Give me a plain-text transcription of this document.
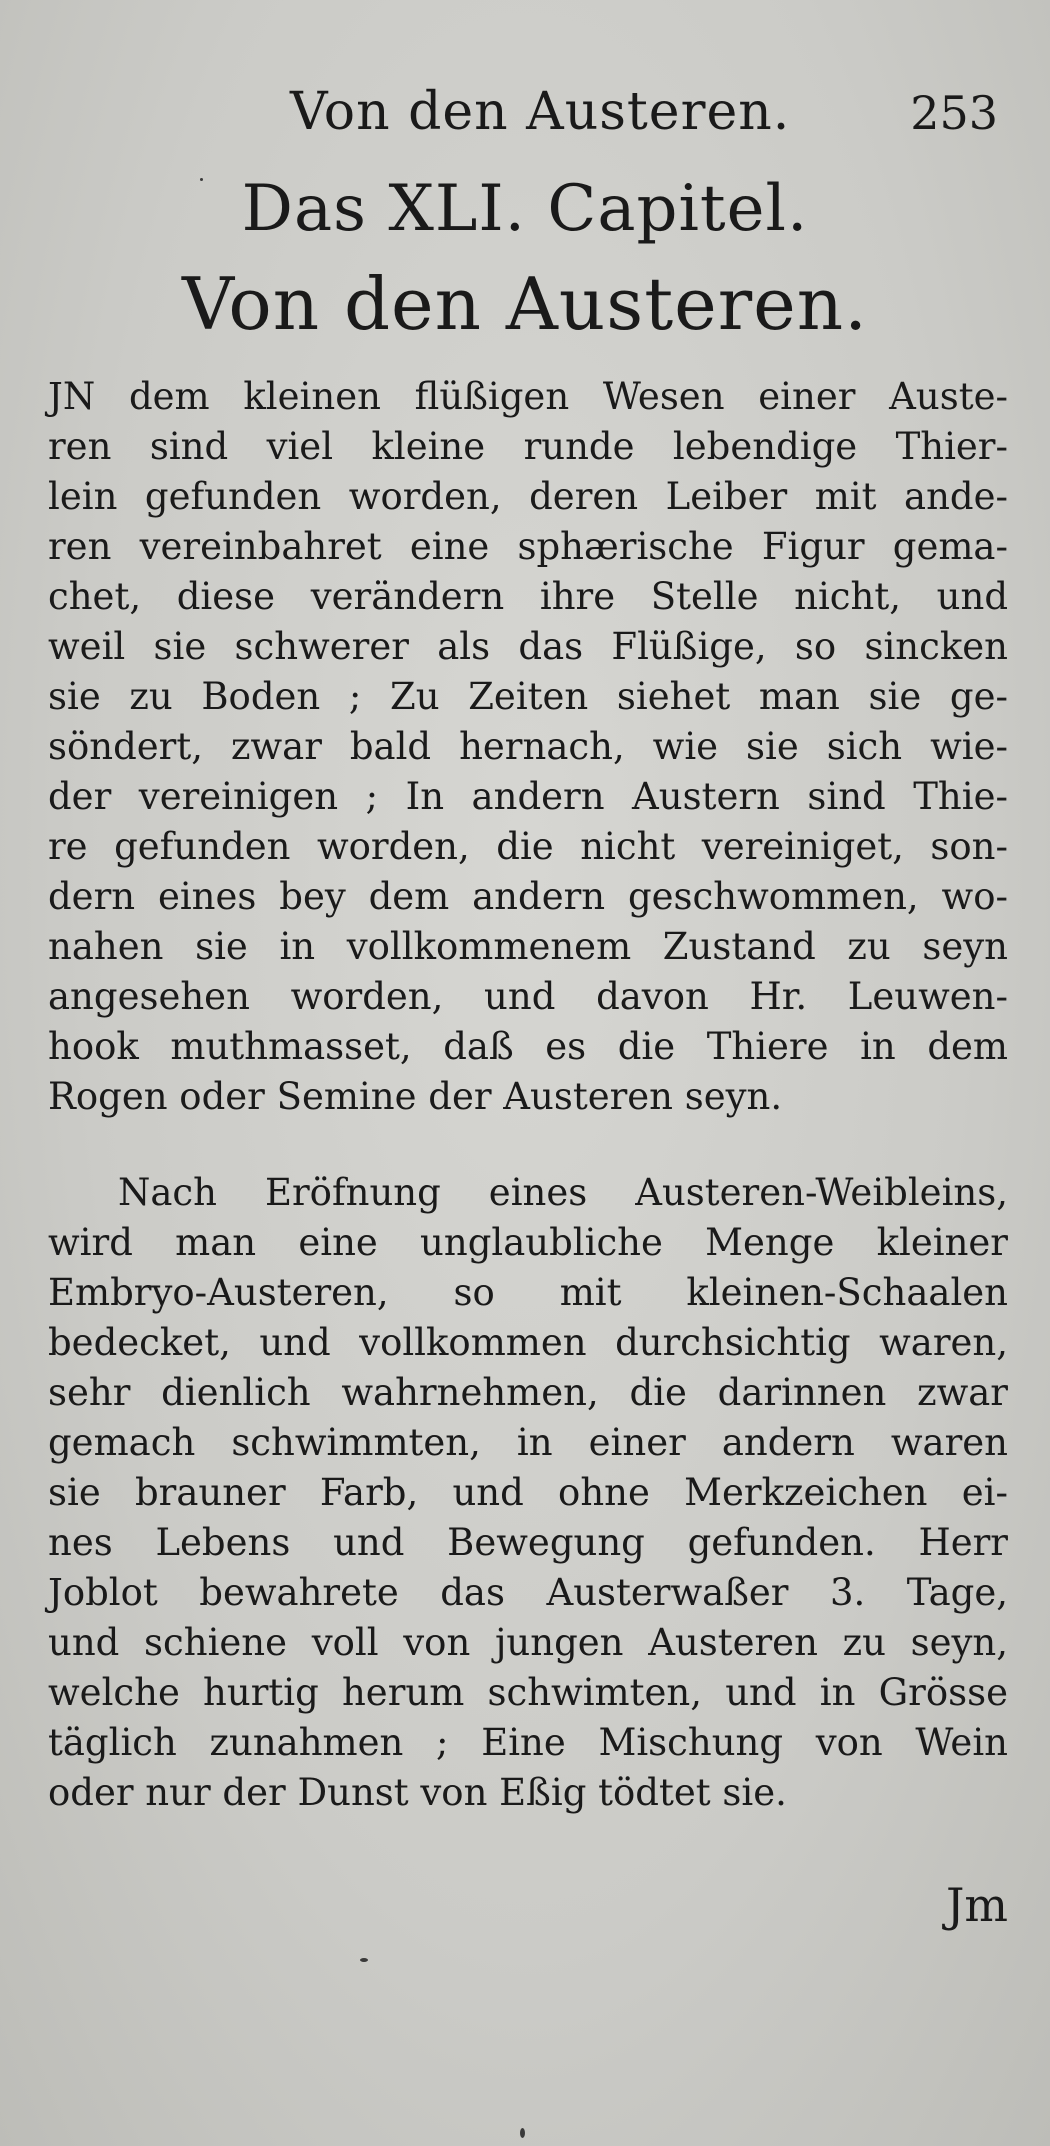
Von den Austeren.	253
Das XLI. Capitel.
Von den Austeren.
JN dem kleinen flüßigen Wesen einer Auste-
ren sind viel kleine runde lebendige Thier-
lein gefunden worden, deren Leiber mit ande-
ren vereinbahret eine sphærische Figur gema-
chet, diese verändern ihre Stelle nicht, und
weil sie schwerer als das Flüßige, so sincken
sie zu Boden ; Zu Zeiten siehet man sie ge-
söndert, zwar bald hernach, wie sie sich wie-
der vereinigen ; In andern Austern sind Thie-
re gefunden worden, die nicht vereiniget, son-
dern eines bey dem andern geschwommen, wo-
nahen sie in vollkommenem Zustand zu seyn
angesehen worden, und davon Hr. Leuwen-
hook muthmasset, daß es die Thiere in dem
Rogen oder Semine der Austeren seyn.
Nach Eröfnung eines Austeren-Weibleins,
wird man eine unglaubliche Menge kleiner
Embryo-Austeren, so mit kleinen-Schaalen
bedecket, und vollkommen durchsichtig waren,
sehr dienlich wahrnehmen, die darinnen zwar
gemach schwimmten, in einer andern waren
sie brauner Farb, und ohne Merkzeichen ei-
nes Lebens und Bewegung gefunden. Herr
Joblot bewahrete das Austerwaßer 3. Tage,
und schiene voll von jungen Austeren zu seyn,
welche hurtig herum schwimten, und in Grösse
täglich zunahmen ; Eine Mischung von Wein
oder nur der Dunst von Eßig tödtet sie.
Jm
